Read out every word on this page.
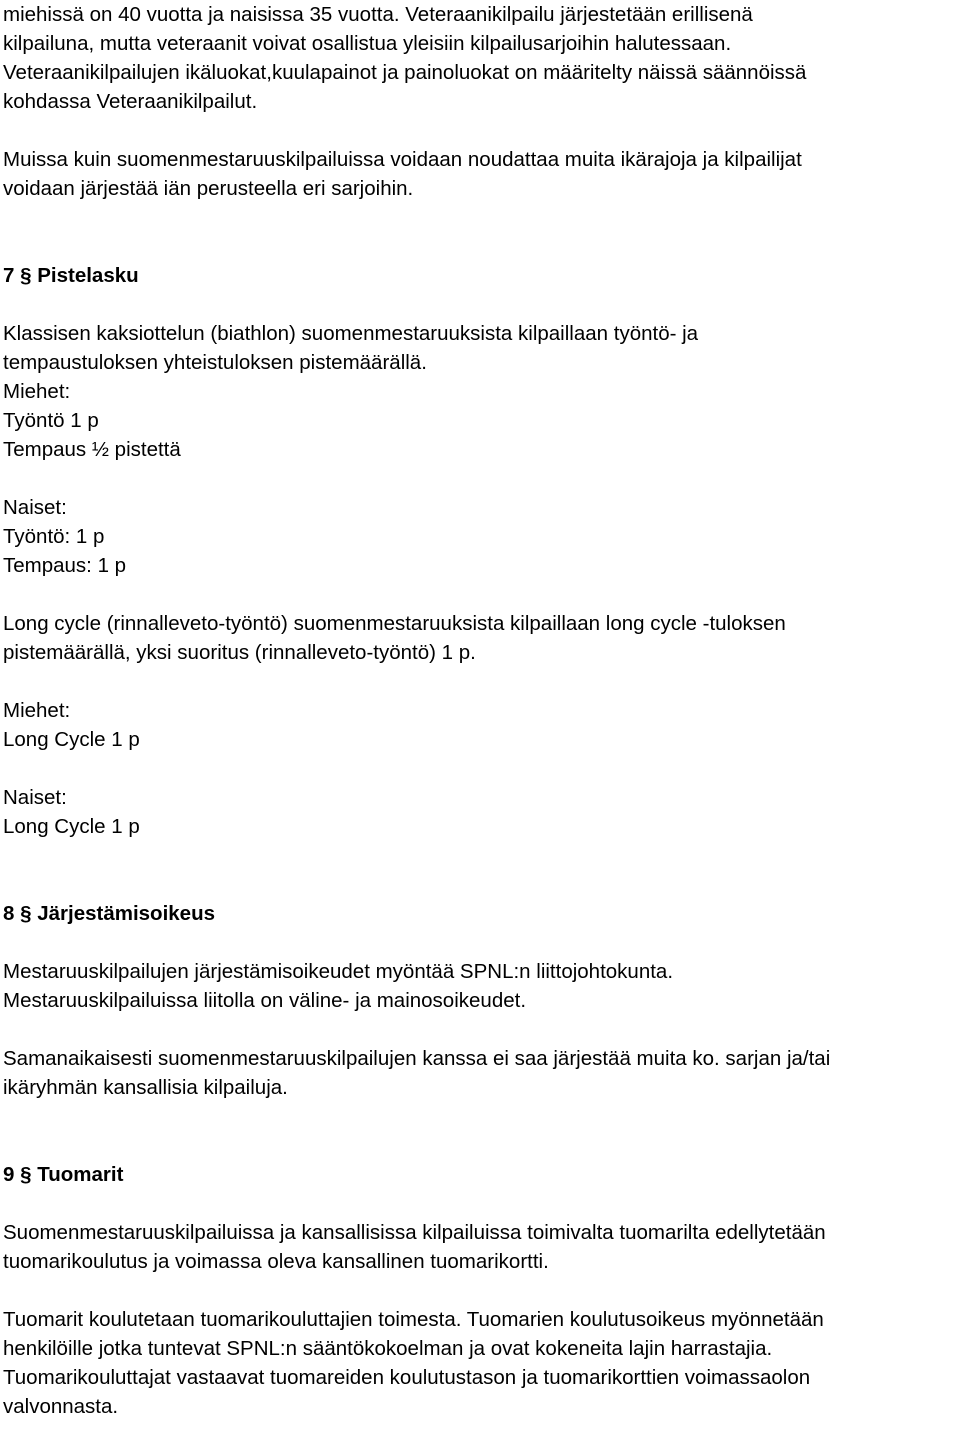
miehissä on 40 vuotta ja naisissa 35 vuotta. Veteraanikilpailu järjestetään erillisenä
kilpailuna, mutta veteraanit voivat osallistua yleisiin kilpailusarjoihin halutessaan.
Veteraanikilpailujen ikäluokat,kuulapainot ja painoluokat on määritelty näissä säännöissä
kohdassa Veteraanikilpailut.
Muissa kuin suomenmestaruuskilpailuissa voidaan noudattaa muita ikärajoja ja kilpailijat
voidaan järjestää iän perusteella eri sarjoihin.
7 § Pistelasku
Klassisen kaksiottelun (biathlon) suomenmestaruuksista kilpaillaan työntö- ja
tempaustuloksen yhteistuloksen pistemäärällä.
Miehet:
Työntö 1 p
Tempaus ½ pistettä
Naiset:
Työntö: 1 p
Tempaus: 1 p
Long cycle (rinnalleveto-työntö) suomenmestaruuksista kilpaillaan long cycle -tuloksen
pistemäärällä, yksi suoritus (rinnalleveto-työntö) 1 p.
Miehet:
Long Cycle 1 p
Naiset:
Long Cycle 1 p
8 § Järjestämisoikeus
Mestaruuskilpailujen järjestämisoikeudet myöntää SPNL:n liittojohtokunta.
Mestaruuskilpailuissa liitolla on väline- ja mainosoikeudet.
Samanaikaisesti suomenmestaruuskilpailujen kanssa ei saa järjestää muita ko. sarjan ja/tai
ikäryhmän kansallisia kilpailuja.
9 § Tuomarit
Suomenmestaruuskilpailuissa ja kansallisissa kilpailuissa toimivalta tuomarilta edellytetään
tuomarikoulutus ja voimassa oleva kansallinen tuomarikortti.
Tuomarit koulutetaan tuomarikouluttajien toimesta. Tuomarien koulutusoikeus myönnetään
henkilöille jotka tuntevat SPNL:n sääntökokoelman ja ovat kokeneita lajin harrastajia.
Tuomarikouluttajat vastaavat tuomareiden koulutustason ja tuomarikorttien voimassaolon
valvonnasta.
